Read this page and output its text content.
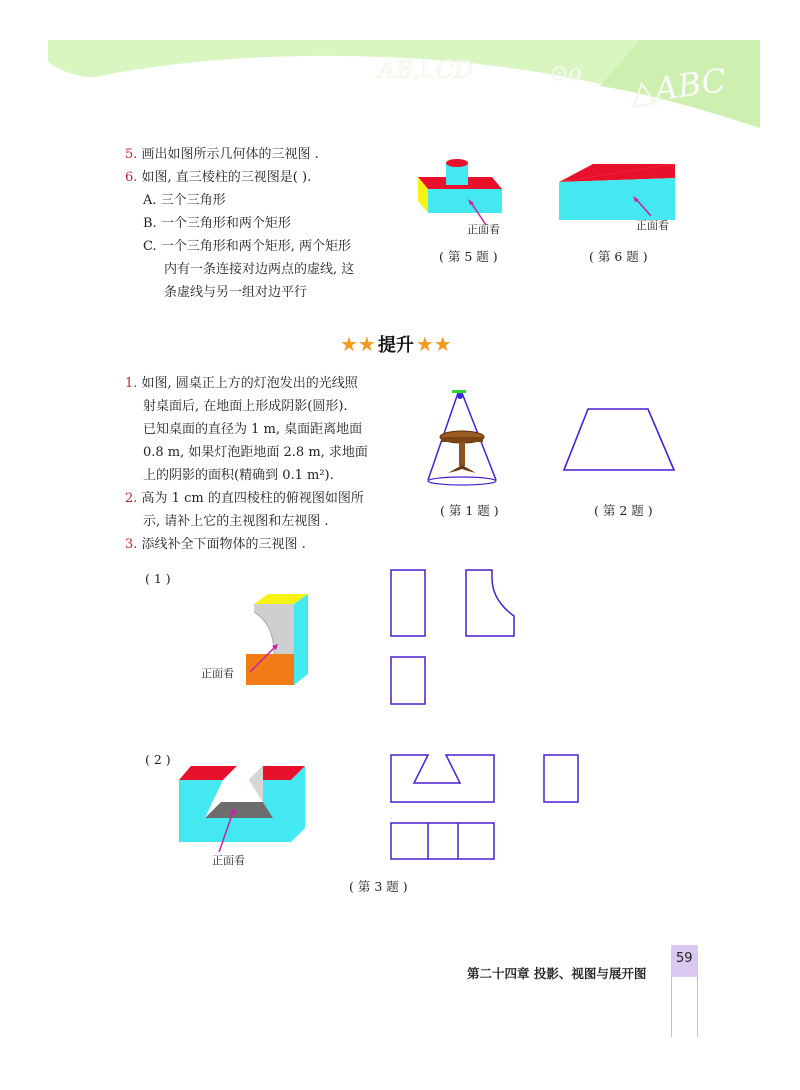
AB⊥CD	⊙o △ABC
5. 画出如图所示几何体的三视图 .
6. 如图, 直三棱柱的三视图是( ).
A. 三个三角形
B. 一个三角形和两个矩形
C. 一个三角形和两个矩形, 两个矩形
内有一条连接对边两点的虚线, 这
条虚线与另一组对边平行
正面看
( 第 5 题 )
正面看
( 第 6 题 )
★★ 提升 ★★
1. 如图, 圆桌正上方的灯泡发出的光线照
射桌面后, 在地面上形成阴影(圆形).
已知桌面的直径为 1 m, 桌面距离地面
0.8 m, 如果灯泡距地面 2.8 m, 求地面
上的阴影的面积(精确到 0.1 m²).
2. 高为 1 cm 的直四棱柱的俯视图如图所
示, 请补上它的主视图和左视图 .
3. 添线补全下面物体的三视图 .
( 第 1 题 )	( 第 2 题 )
( 1 )
正面看
( 2 )
正面看
( 第 3 题 )
第二十四章 投影、视图与展开图
59
